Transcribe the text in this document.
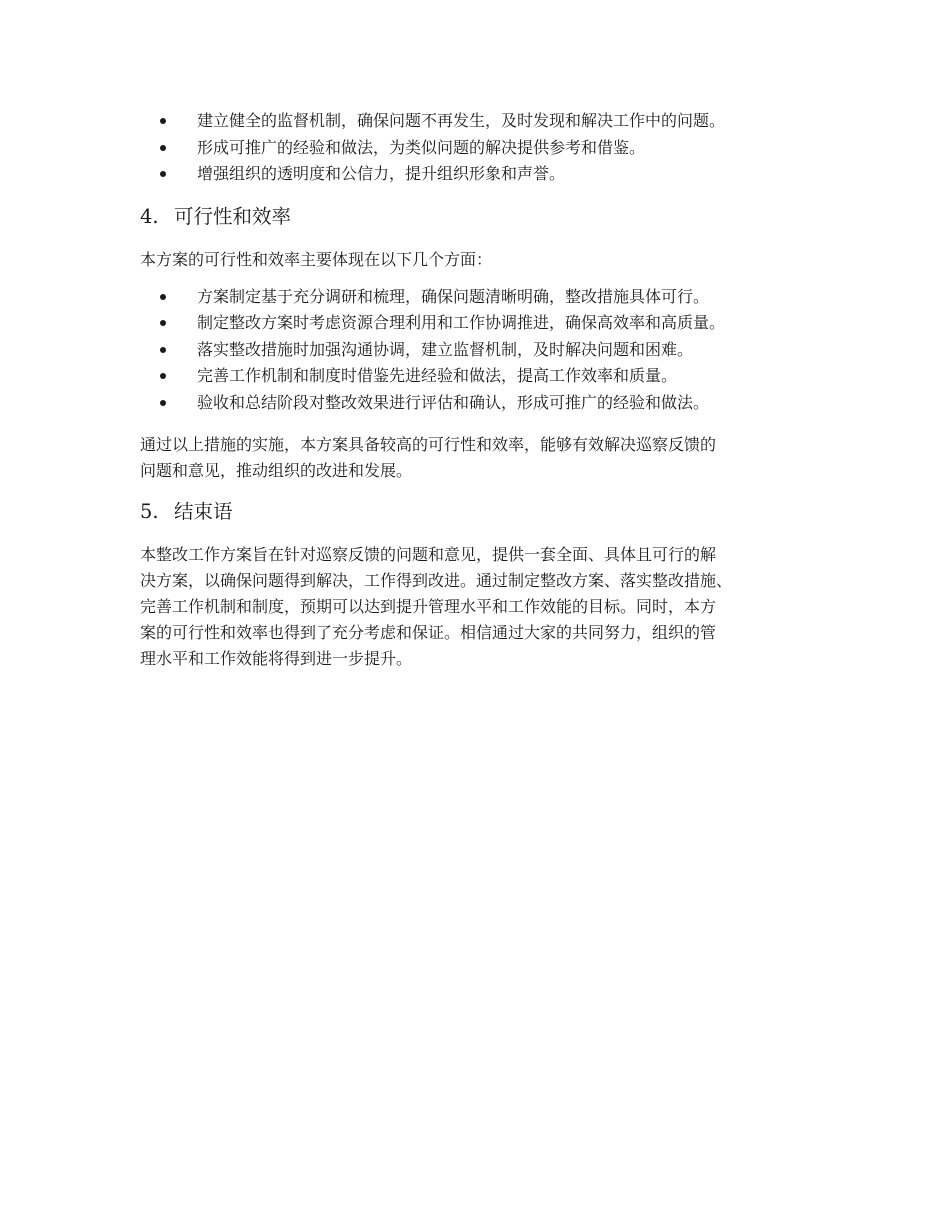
建立健全的监督机制，确保问题不再发生，及时发现和解决工作中的问题。
形成可推广的经验和做法，为类似问题的解决提供参考和借鉴。
增强组织的透明度和公信力，提升组织形象和声誉。
4. 可行性和效率

本方案的可行性和效率主要体现在以下几个方面：

方案制定基于充分调研和梳理，确保问题清晰明确，整改措施具体可行。
制定整改方案时考虑资源合理利用和工作协调推进，确保高效率和高质量。
落实整改措施时加强沟通协调，建立监督机制，及时解决问题和困难。
完善工作机制和制度时借鉴先进经验和做法，提高工作效率和质量。
验收和总结阶段对整改效果进行评估和确认，形成可推广的经验和做法。

通过以上措施的实施，本方案具备较高的可行性和效率，能够有效解决巡察反馈的
问题和意见，推动组织的改进和发展。

5. 结束语

本整改工作方案旨在针对巡察反馈的问题和意见，提供一套全面、具体且可行的解
决方案，以确保问题得到解决，工作得到改进。通过制定整改方案、落实整改措施、
完善工作机制和制度，预期可以达到提升管理水平和工作效能的目标。同时，本方
案的可行性和效率也得到了充分考虑和保证。相信通过大家的共同努力，组织的管
理水平和工作效能将得到进一步提升。
